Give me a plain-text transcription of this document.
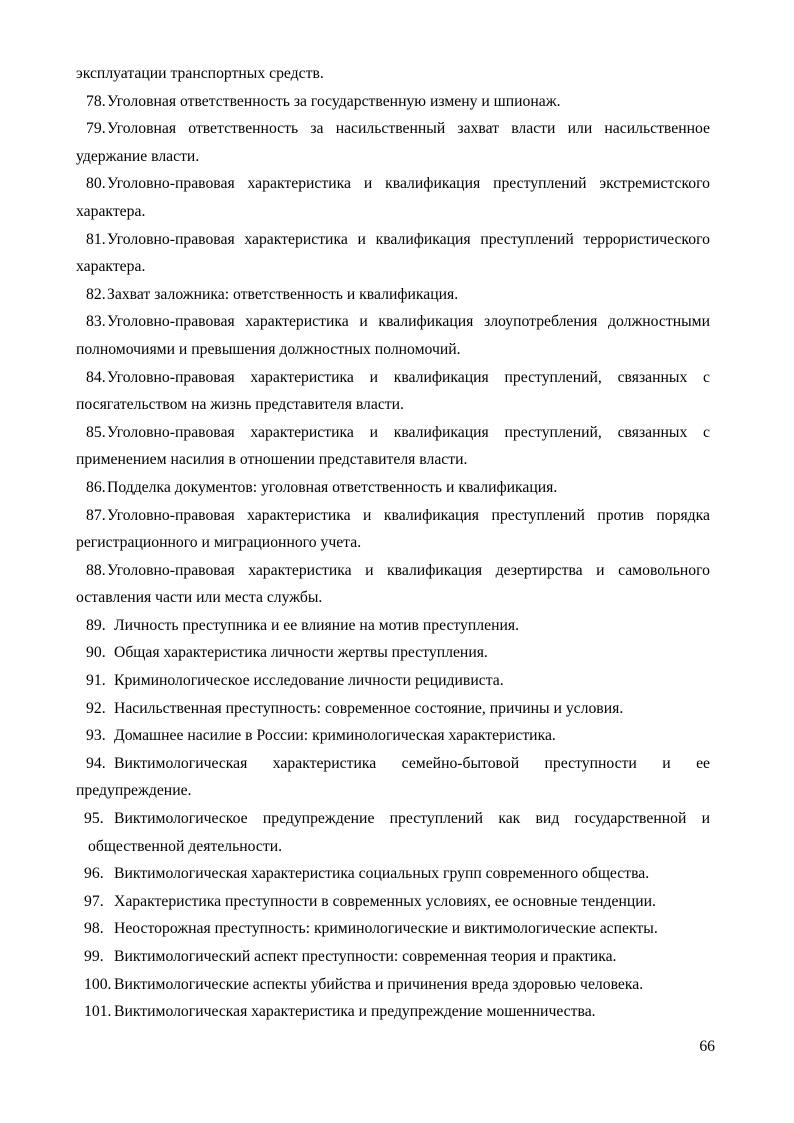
эксплуатации транспортных средств.
78.Уголовная ответственность за государственную измену и шпионаж.
79.Уголовная ответственность за насильственный захват власти или насильственное
удержание власти.
80.Уголовно-правовая характеристика и квалификация преступлений экстремистского
характера.
81.Уголовно-правовая характеристика и квалификация преступлений террористического
характера.
82.Захват заложника: ответственность и квалификация.
83.Уголовно-правовая характеристика и квалификация злоупотребления должностными
полномочиями и превышения должностных полномочий.
84.Уголовно-правовая характеристика и квалификация преступлений, связанных с
посягательством на жизнь представителя власти.
85.Уголовно-правовая характеристика и квалификация преступлений, связанных с
применением насилия в отношении представителя власти.
86.Подделка документов: уголовная ответственность и квалификация.
87.Уголовно-правовая характеристика и квалификация преступлений против порядка
регистрационного и миграционного учета.
88.Уголовно-правовая характеристика и квалификация дезертирства и самовольного
оставления части или места службы.
89. Личность преступника и ее влияние на мотив преступления.
90. Общая характеристика личности жертвы преступления.
91. Криминологическое исследование личности рецидивиста.
92. Насильственная преступность: современное состояние, причины и условия.
93. Домашнее насилие в России: криминологическая характеристика.
94. Виктимологическая характеристика семейно-бытовой преступности и ее
предупреждение.
95. Виктимологическое предупреждение преступлений как вид государственной и
общественной деятельности.
96. Виктимологическая характеристика социальных групп современного общества.
97. Характеристика преступности в современных условиях, ее основные тенденции.
98. Неосторожная преступность: криминологические и виктимологические аспекты.
99. Виктимологический аспект преступности: современная теория и практика.
100. Виктимологические аспекты убийства и причинения вреда здоровью человека.
101. Виктимологическая характеристика и предупреждение мошенничества.
66
